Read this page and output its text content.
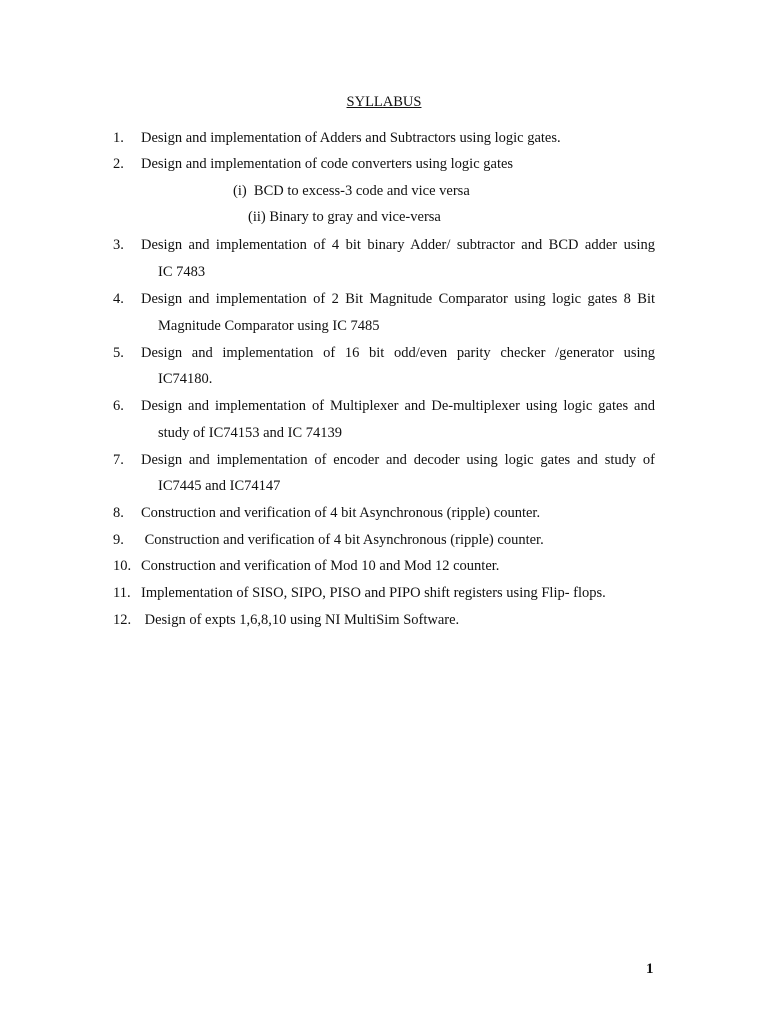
SYLLABUS
1. Design and implementation of Adders and Subtractors using logic gates.
2. Design and implementation of code converters using logic gates
(i)  BCD to excess-3 code and vice versa
(ii) Binary to gray and vice-versa
3. Design and implementation of 4 bit binary Adder/ subtractor and BCD adder using
IC 7483
4. Design and implementation of 2 Bit Magnitude Comparator using logic gates 8 Bit
Magnitude Comparator using IC 7485
5. Design and implementation of 16 bit odd/even parity checker /generator using
IC74180.
6. Design and implementation of Multiplexer and De-multiplexer using logic gates and
study of IC74153 and IC 74139
7. Design and implementation of encoder and decoder using logic gates and study of
IC7445 and IC74147
8. Construction and verification of 4 bit Asynchronous (ripple) counter.
9. Construction and verification of 4 bit Asynchronous (ripple) counter.
10. Construction and verification of Mod 10 and Mod 12 counter.
11. Implementation of SISO, SIPO, PISO and PIPO shift registers using Flip- flops.
12. Design of expts 1,6,8,10 using NI MultiSim Software.
1
